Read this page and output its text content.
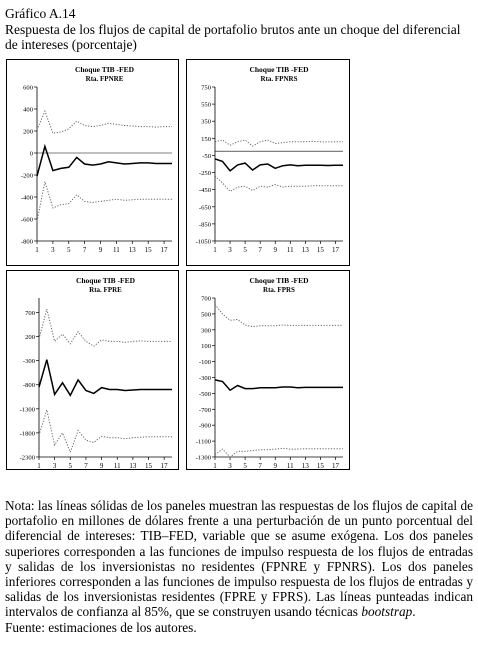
Gráfico A.14
Respuesta de los flujos de capital de portafolio brutos ante un choque del diferencial de intereses (porcentaje)
Choque TIB -FED
Rta. FPNRE
-800
-600
-400
-200
0
200
400
600
1 3 5 7 9 11 13 15 17
Choque TIB -FED
Rta. FPNRS
-1050
-850
-650
-450
-250
-50
150
350
550
750
1 3 5 7 9 11 13 15 17
Choque TIB -FED
Rta. FPRE
-2300
-1800
-1300
-800
-300
200
700
1 3 5 7 9 11 13 15 17
Choque TIB -FED
Rta. FPRS
-1300
-1100
-900
-700
-500
-300
-100
100
300
500
700
1 3 5 7 9 11 13 15 17
Nota: las líneas sólidas de los paneles muestran las respuestas de los flujos de capital de portafolio en millones de dólares frente a una perturbación de un punto porcentual del diferencial de intereses: TIB–FED, variable que se asume exógena. Los dos paneles superiores corresponden a las funciones de impulso respuesta de los flujos de entradas y salidas de los inversionistas no residentes (FPNRE y FPNRS). Los dos paneles inferiores corresponden a las funciones de impulso respuesta de los flujos de entradas y salidas de los inversionistas residentes (FPRE y FPRS). Las líneas punteadas indican intervalos de confianza al 85%, que se construyen usando técnicas bootstrap.
Fuente: estimaciones de los autores.
